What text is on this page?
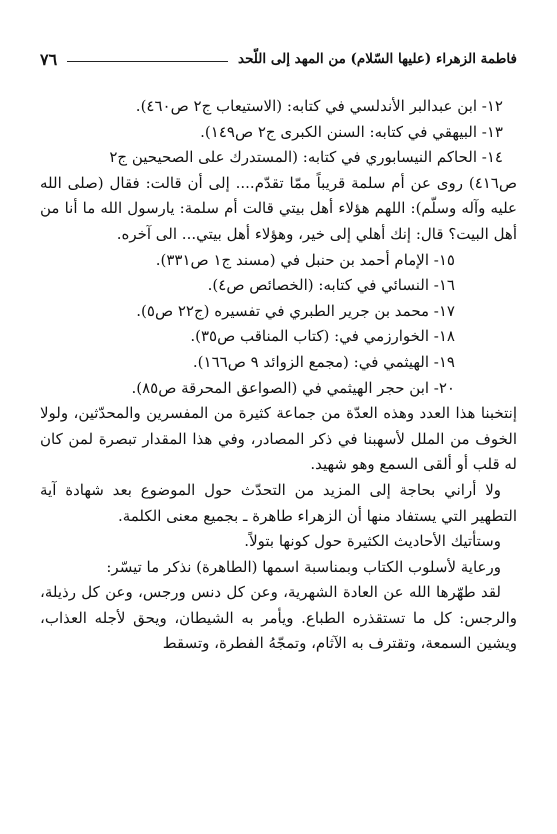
فاطمة الزهراء (عليها السّلام) من المهد إلى اللّحد
٧٦

١٢- ابن عبدالبر الأندلسي في كتابه: (الاستيعاب ج٢ ص٤٦٠).

١٣- البيهقي في كتابه: السنن الكبرى ج٢ ص١٤٩).

١٤- الحاكم النيسابوري في كتابه: (المستدرك على الصحيحين ج٢

ص٤١٦) روى عن أم سلمة قريباً ممّا تقدّم.... إلى أن قالت: فقال (صلى الله عليه وآله وسلّم): اللهم هؤلاء أهل بيتي قالت أم سلمة: يارسول الله ما أنا من أهل البيت؟ قال: إنك أهلي إلى خير، وهؤلاء أهل بيتي... الى آخره.

١٥- الإمام أحمد بن حنبل في (مسند ج١ ص٣٣١).

١٦- النسائي في كتابه: (الخصائص ص٤).

١٧- محمد بن جرير الطبري في تفسيره (ج٢٢ ص٥).

١٨- الخوارزمي في: (كتاب المناقب ص٣٥).

١٩- الهيثمي في: (مجمع الزوائد ٩ ص١٦٦).

٢٠- ابن حجر الهيثمي في (الصواعق المحرقة ص٨٥).

إنتخبنا هذا العدد وهذه العدّة من جماعة كثيرة من المفسرين والمحدّثين، ولولا الخوف من الملل لأسهبنا في ذكر المصادر، وفي هذا المقدار تبصرة لمن كان له قلب أو ألقى السمع وهو شهيد.

ولا أراني بحاجة إلى المزيد من التحدّث حول الموضوع بعد شهادة آية التطهير التي يستفاد منها أن الزهراء طاهرة ـ بجميع معنى الكلمة.

وستأتيك الأحاديث الكثيرة حول كونها بتولاً.

ورعاية لأسلوب الكتاب وبمناسبة اسمها (الطاهرة) نذكر ما تيسّر:

لقد طهّرها الله عن العادة الشهرية، وعن كل دنس ورجس، وعن كل رذيلة، والرجس: كل ما تستقذره الطباع. ويأمر به الشيطان، ويحق لأجله العذاب، ويشين السمعة، وتقترف به الآثام، وتمجّهُ الفطرة، وتسقط
